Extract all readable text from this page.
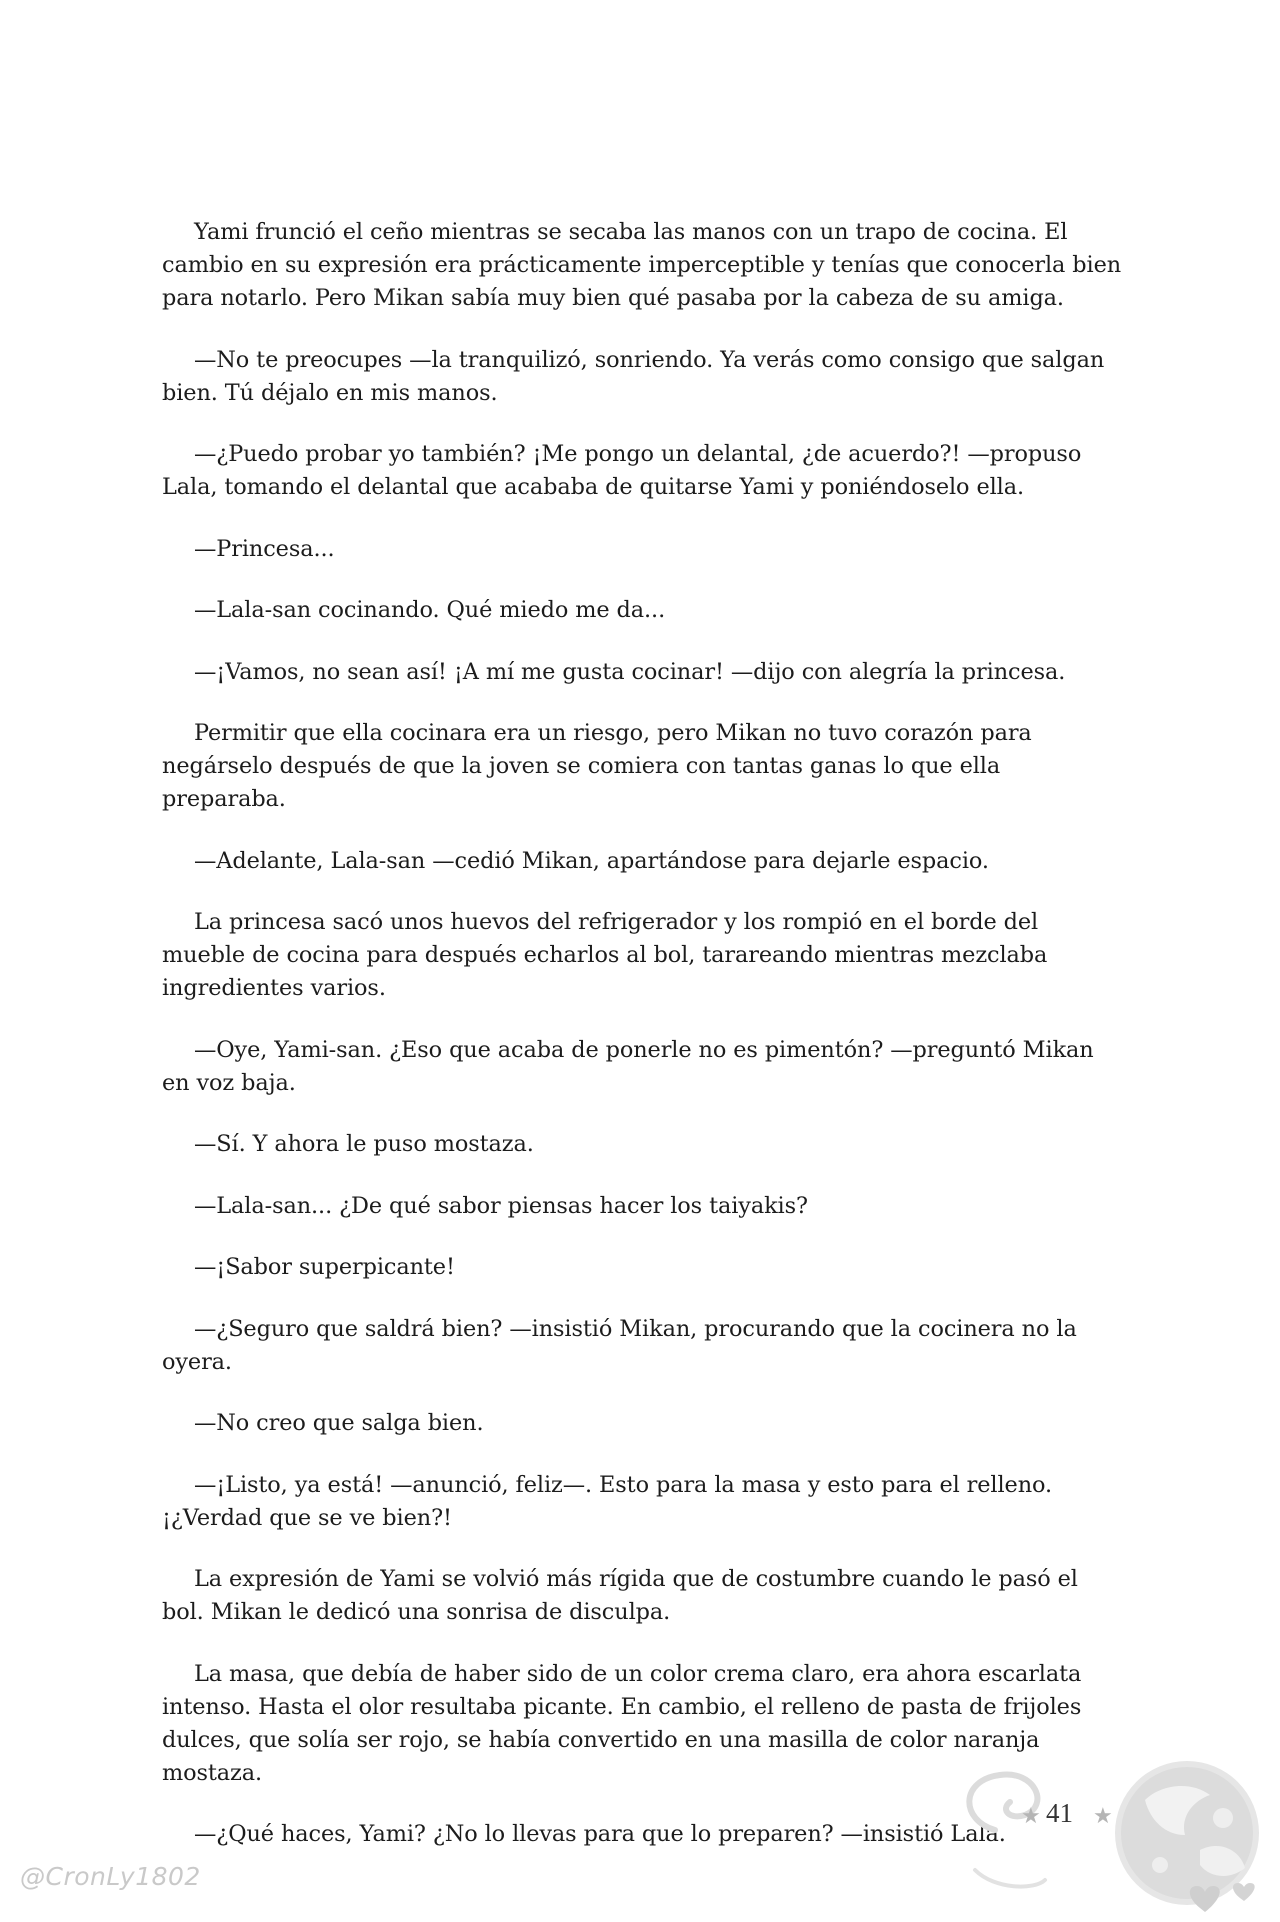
Yami frunció el ceño mientras se secaba las manos con un trapo de cocina. El cambio en su expresión era prácticamente imperceptible y tenías que conocerla bien para notarlo. Pero Mikan sabía muy bien qué pasaba por la cabeza de su amiga.

—No te preocupes —la tranquilizó, sonriendo. Ya verás como consigo que salgan bien. Tú déjalo en mis manos.

—¿Puedo probar yo también? ¡Me pongo un delantal, ¿de acuerdo?! —propuso Lala, tomando el delantal que acababa de quitarse Yami y poniéndoselo ella.

—Princesa...

—Lala-san cocinando. Qué miedo me da...

—¡Vamos, no sean así! ¡A mí me gusta cocinar! —dijo con alegría la princesa.

Permitir que ella cocinara era un riesgo, pero Mikan no tuvo corazón para negárselo después de que la joven se comiera con tantas ganas lo que ella preparaba.

—Adelante, Lala-san —cedió Mikan, apartándose para dejarle espacio.

La princesa sacó unos huevos del refrigerador y los rompió en el borde del mueble de cocina para después echarlos al bol, tarareando mientras mezclaba ingredientes varios.

—Oye, Yami-san. ¿Eso que acaba de ponerle no es pimentón? —preguntó Mikan en voz baja.

—Sí. Y ahora le puso mostaza.

—Lala-san... ¿De qué sabor piensas hacer los taiyakis?

—¡Sabor superpicante!

—¿Seguro que saldrá bien? —insistió Mikan, procurando que la cocinera no la oyera.

—No creo que salga bien.

—¡Listo, ya está! —anunció, feliz—. Esto para la masa y esto para el relleno. ¡¿Verdad que se ve bien?!

La expresión de Yami se volvió más rígida que de costumbre cuando le pasó el bol. Mikan le dedicó una sonrisa de disculpa.

La masa, que debía de haber sido de un color crema claro, era ahora escarlata intenso. Hasta el olor resultaba picante. En cambio, el relleno de pasta de frijoles dulces, que solía ser rojo, se había convertido en una masilla de color naranja mostaza.

—¿Qué haces, Yami? ¿No lo llevas para que lo preparen? —insistió Lala.

★ 41 ★
@CronLy1802
